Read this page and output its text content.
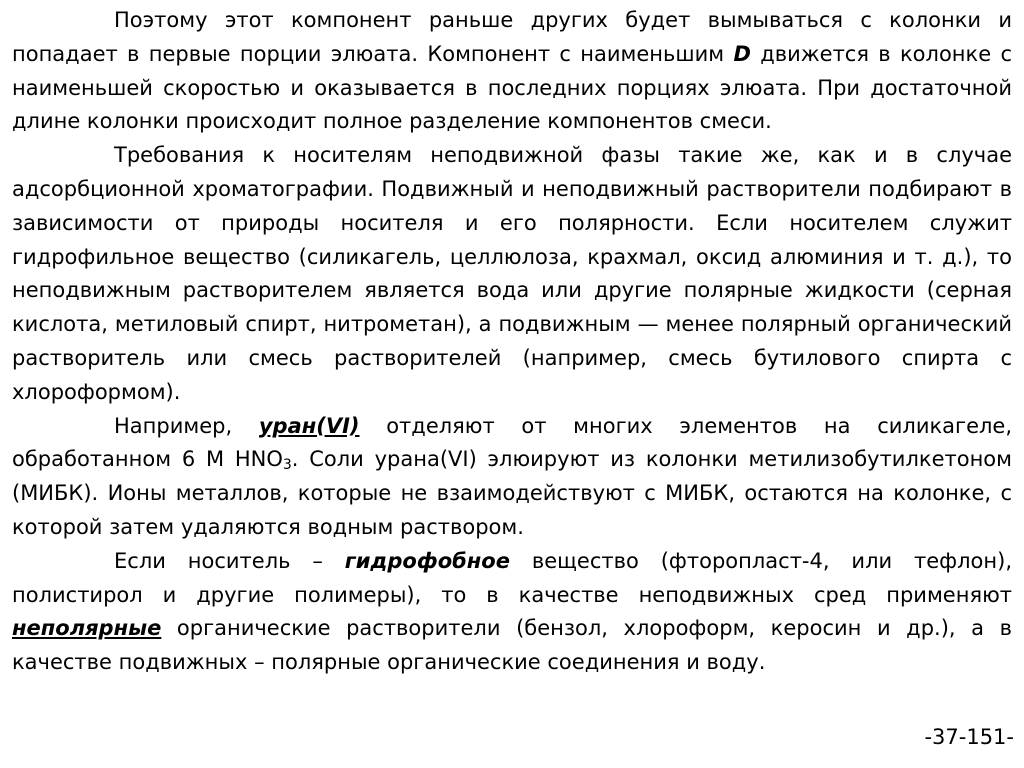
Поэтому этот компонент раньше других будет вымываться с колонки и попадает в первые порции элюата. Компонент с наименьшим D движется в колонке с наименьшей скоростью и оказывается в последних порциях элюата. При достаточной длине колонки происходит полное разделение компонентов смеси.

Требования к носителям неподвижной фазы такие же, как и в случае адсорбционной хроматографии. Подвижный и неподвижный растворители подбирают в зависимости от природы носителя и его полярности. Если носителем служит гидрофильное вещество (силикагель, целлюлоза, крахмал, оксид алюминия и т. д.), то неподвижным растворителем является вода или другие полярные жидкости (серная кислота, метиловый спирт, нитрометан), а подвижным — менее полярный органический растворитель или смесь растворителей (например, смесь бутилового спирта с хлороформом).

Например, уран(VI) отделяют от многих элементов на силикагеле, обработанном 6 М $HNO_3$. Соли урана(VI) элюируют из колонки метилизобутилкетоном (МИБК). Ионы металлов, которые не взаимодействуют с МИБК, остаются на колонке, с которой затем удаляются водным раствором.

Если носитель – гидрофобное вещество (фторопласт-4, или тефлон), полистирол и другие полимеры), то в качестве неподвижных сред применяют неполярные органические растворители (бензол, хлороформ, керосин и др.), а в качестве подвижных – полярные органические соединения и воду.

-37-151-
